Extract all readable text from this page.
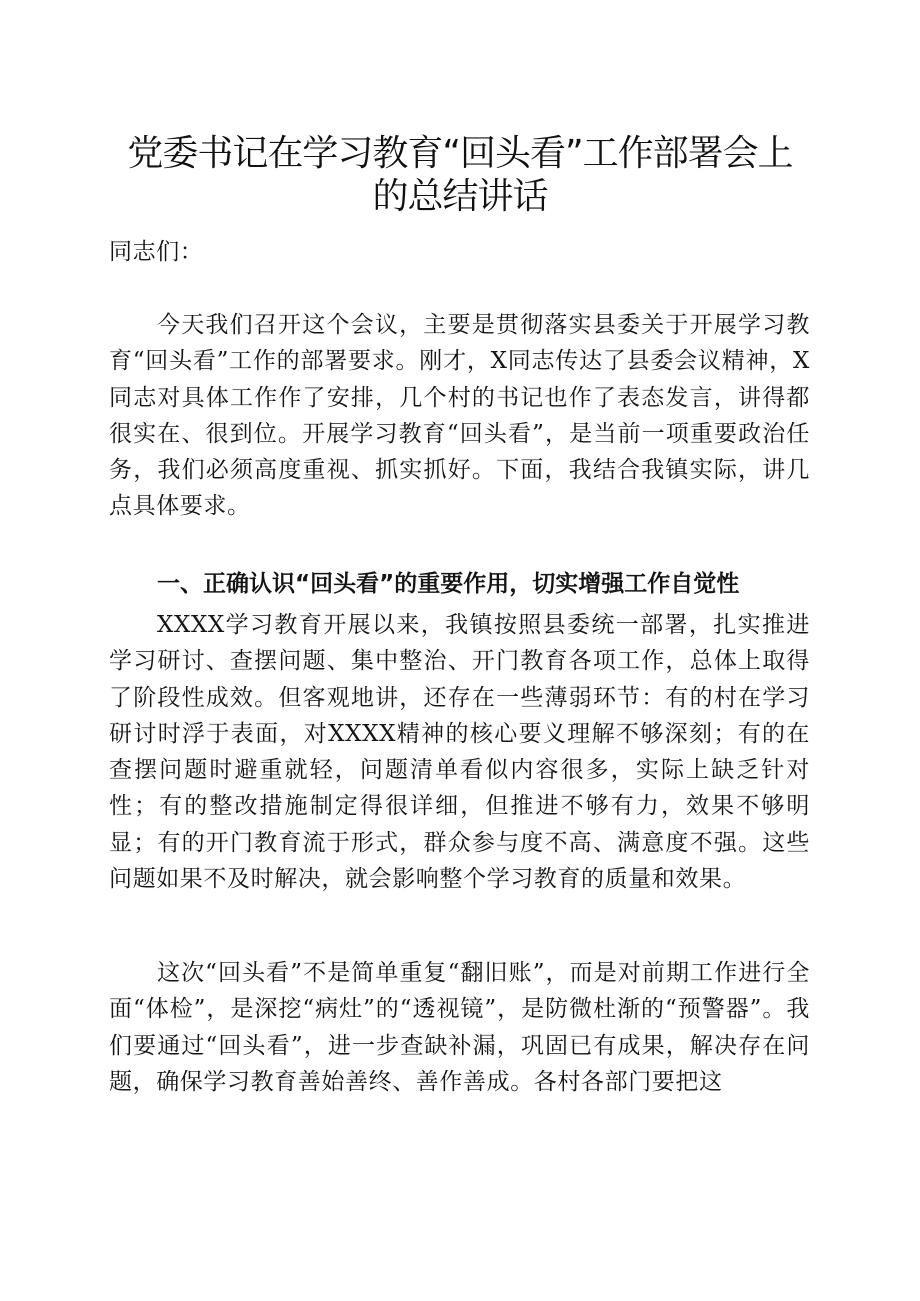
党委书记在学习教育“回头看”工作部署会上
的总结讲话

同志们：

今天我们召开这个会议，主要是贯彻落实县委关于开展学习教育“回头看”工作的部署要求。刚才，X同志传达了县委会议精神，X同志对具体工作作了安排，几个村的书记也作了表态发言，讲得都很实在、很到位。开展学习教育“回头看”，是当前一项重要政治任务，我们必须高度重视、抓实抓好。下面，我结合我镇实际，讲几点具体要求。

一、正确认识“回头看”的重要作用，切实增强工作自觉性

XXXX学习教育开展以来，我镇按照县委统一部署，扎实推进学习研讨、查摆问题、集中整治、开门教育各项工作，总体上取得了阶段性成效。但客观地讲，还存在一些薄弱环节：有的村在学习研讨时浮于表面，对XXXX精神的核心要义理解不够深刻；有的在查摆问题时避重就轻，问题清单看似内容很多，实际上缺乏针对性；有的整改措施制定得很详细，但推进不够有力，效果不够明显；有的开门教育流于形式，群众参与度不高、满意度不强。这些问题如果不及时解决，就会影响整个学习教育的质量和效果。

这次“回头看”不是简单重复“翻旧账”，而是对前期工作进行全面“体检”，是深挖“病灶”的“透视镜”，是防微杜渐的“预警器”。我们要通过“回头看”，进一步查缺补漏，巩固已有成果，解决存在问题，确保学习教育善始善终、善作善成。各村各部门要把这
